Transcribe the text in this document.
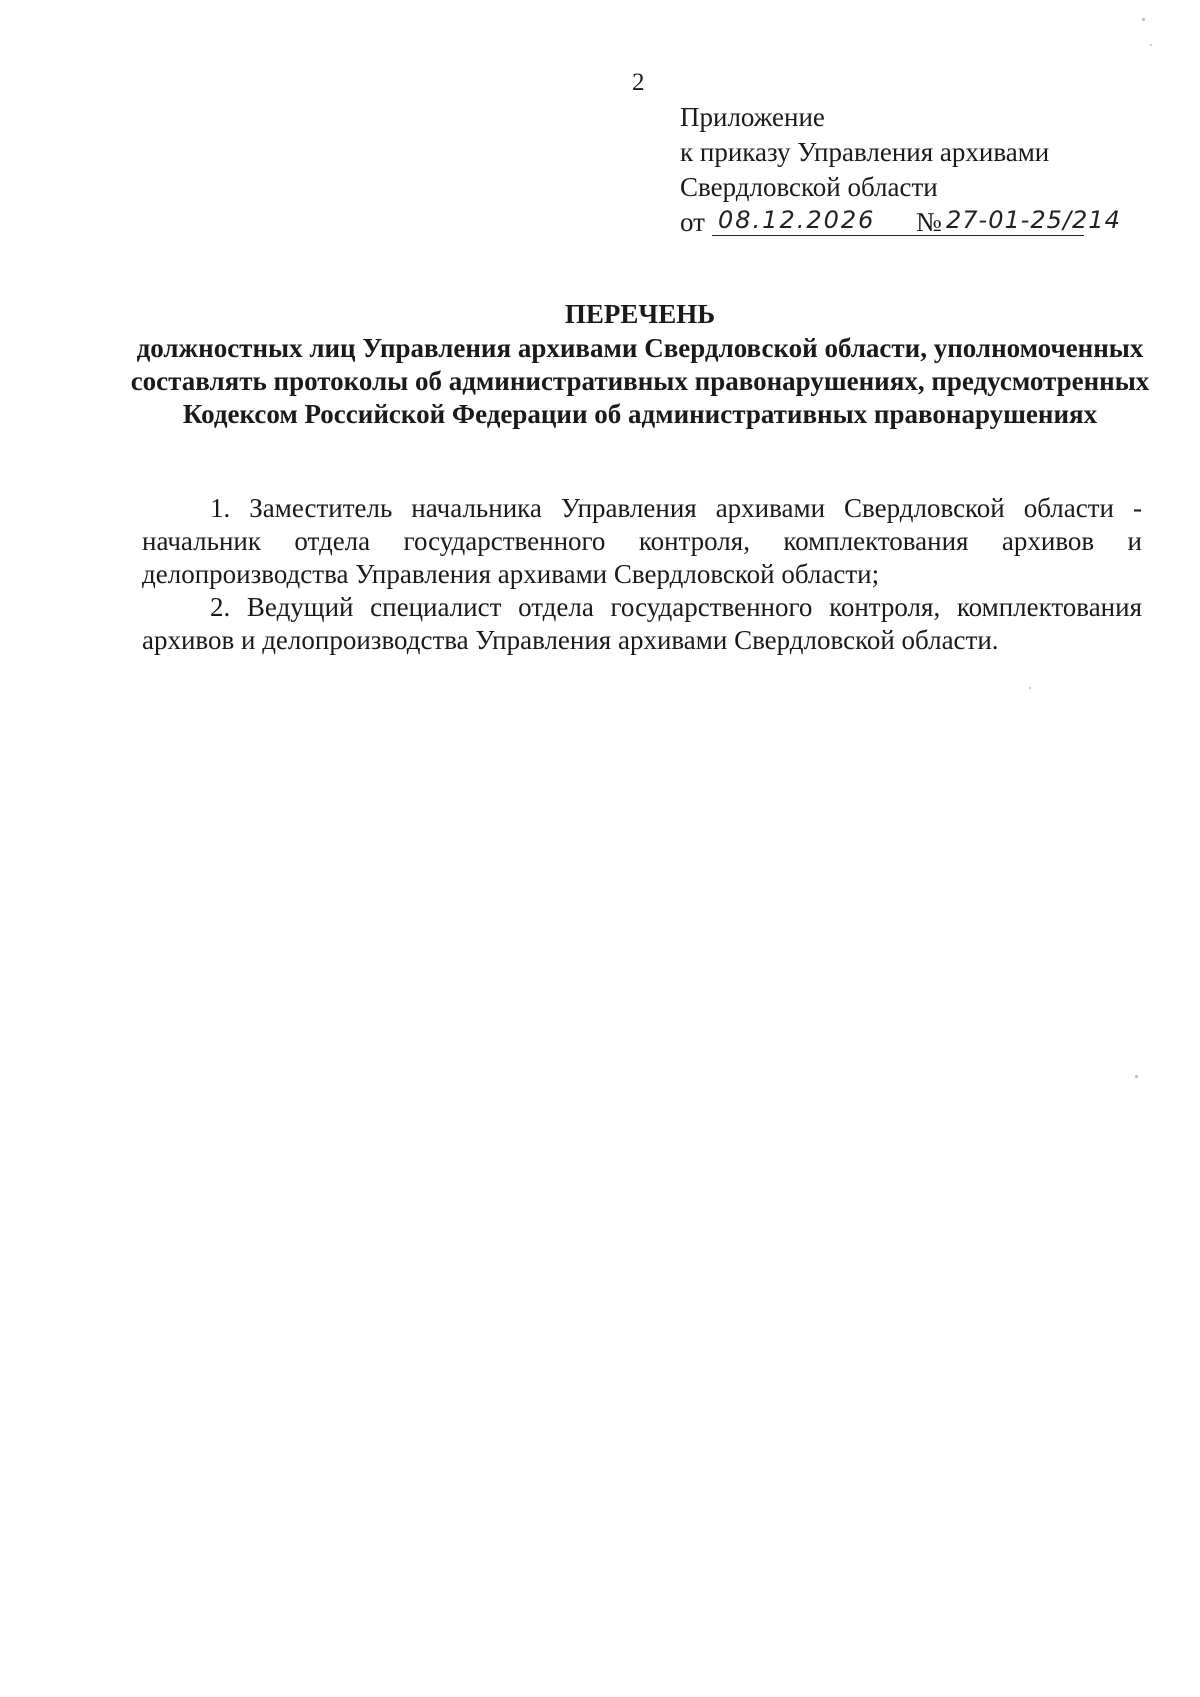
2
Приложение
к приказу Управления архивами
Свердловской области
от 08.12.2026 № 27-01-25/214
ПЕРЕЧЕНЬ
должностных лиц Управления архивами Свердловской области, уполномоченных составлять протоколы об административных правонарушениях, предусмотренных Кодексом Российской Федерации об административных правонарушениях

1. Заместитель начальника Управления архивами Свердловской области - начальник отдела государственного контроля, комплектования архивов и делопроизводства Управления архивами Свердловской области;

2. Ведущий специалист отдела государственного контроля, комплектования архивов и делопроизводства Управления архивами Свердловской области.
